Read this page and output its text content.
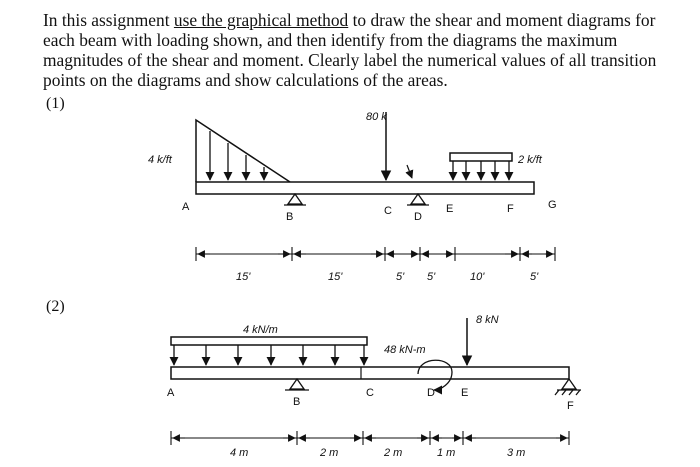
In this assignment use the graphical method to draw the shear and moment diagrams for
each beam with loading shown, and then identify from the diagrams the maximum
magnitudes of the shear and moment. Clearly label the numerical values of all transition
points on the diagrams and show calculations of the areas.
(1)
(2)
4 k/ft
80 k
2 k/ft
A
B	C D
E	F	G
15'	15'	5' 5'	10'	5'
4 kN/m
8 kN
48 kN-m
A
B
C	D E
F
4 m	2 m	2 m	1 m	3 m
